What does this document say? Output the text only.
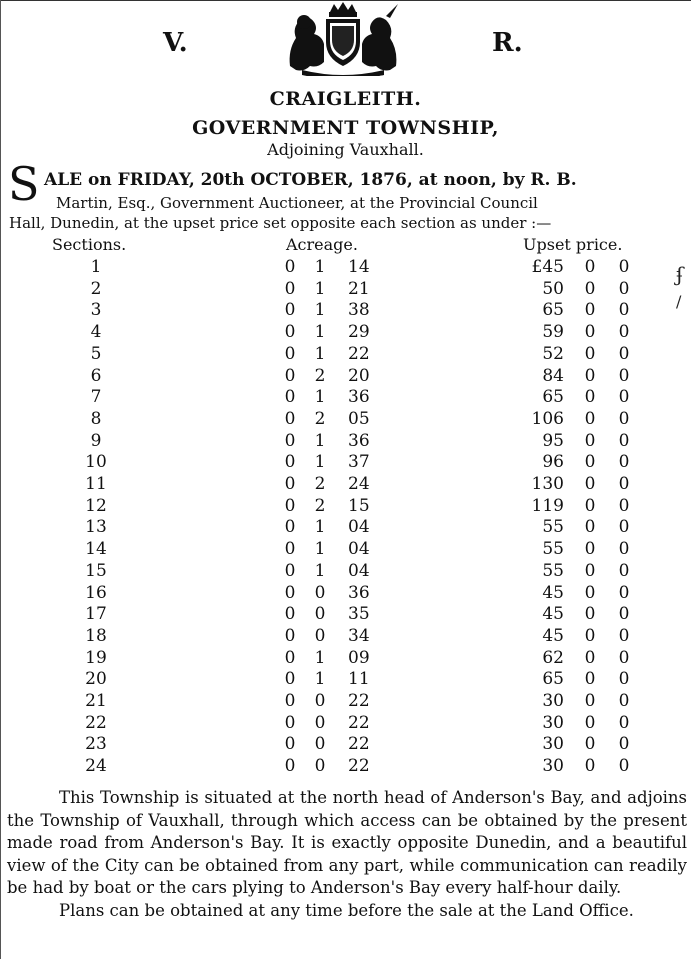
V.	R.
CRAIGLEITH.
GOVERNMENT TOWNSHIP,
Adjoining Vauxhall.
S ALE on FRIDAY, 20th OCTOBER, 1876, at noon, by R. B.
Martin, Esq., Government Auctioneer, at the Provincial Council
Hall, Dunedin, at the upset price set opposite each section as under :—
Sections.	Acreage.	Upset price.
1	0 1 14	£45 0 0
2	0 1 21	50 0 0
3	0 1 38	65 0 0
4	0 1 29	59 0 0
5	0 1 22	52 0 0
6	0 2 20	84 0 0
7	0 1 36	65 0 0
8	0 2 05	106 0 0
9	0 1 36	95 0 0
10	0 1 37	96 0 0
11	0 2 24	130 0 0
12	0 2 15	119 0 0
13	0 1 04	55 0 0
14	0 1 04	55 0 0
15	0 1 04	55 0 0
16	0 0 36	45 0 0
17	0 0 35	45 0 0
18	0 0 34	45 0 0
19	0 1 09	62 0 0
20	0 1 11	65 0 0
21	0 0 22	30 0 0
22	0 0 22	30 0 0
23	0 0 22	30 0 0
24	0 0 22	30 0 0
ʄ
/

This Township is situated at the north head of Anderson's Bay, and adjoins the Township of Vauxhall, through which access can be obtained by the present made road from Anderson's Bay. It is exactly opposite Dunedin, and a beautiful view of the City can be obtained from any part, while communication can readily be had by boat or the cars plying to Anderson's Bay every half-hour daily.

Plans can be obtained at any time before the sale at the Land Office.
